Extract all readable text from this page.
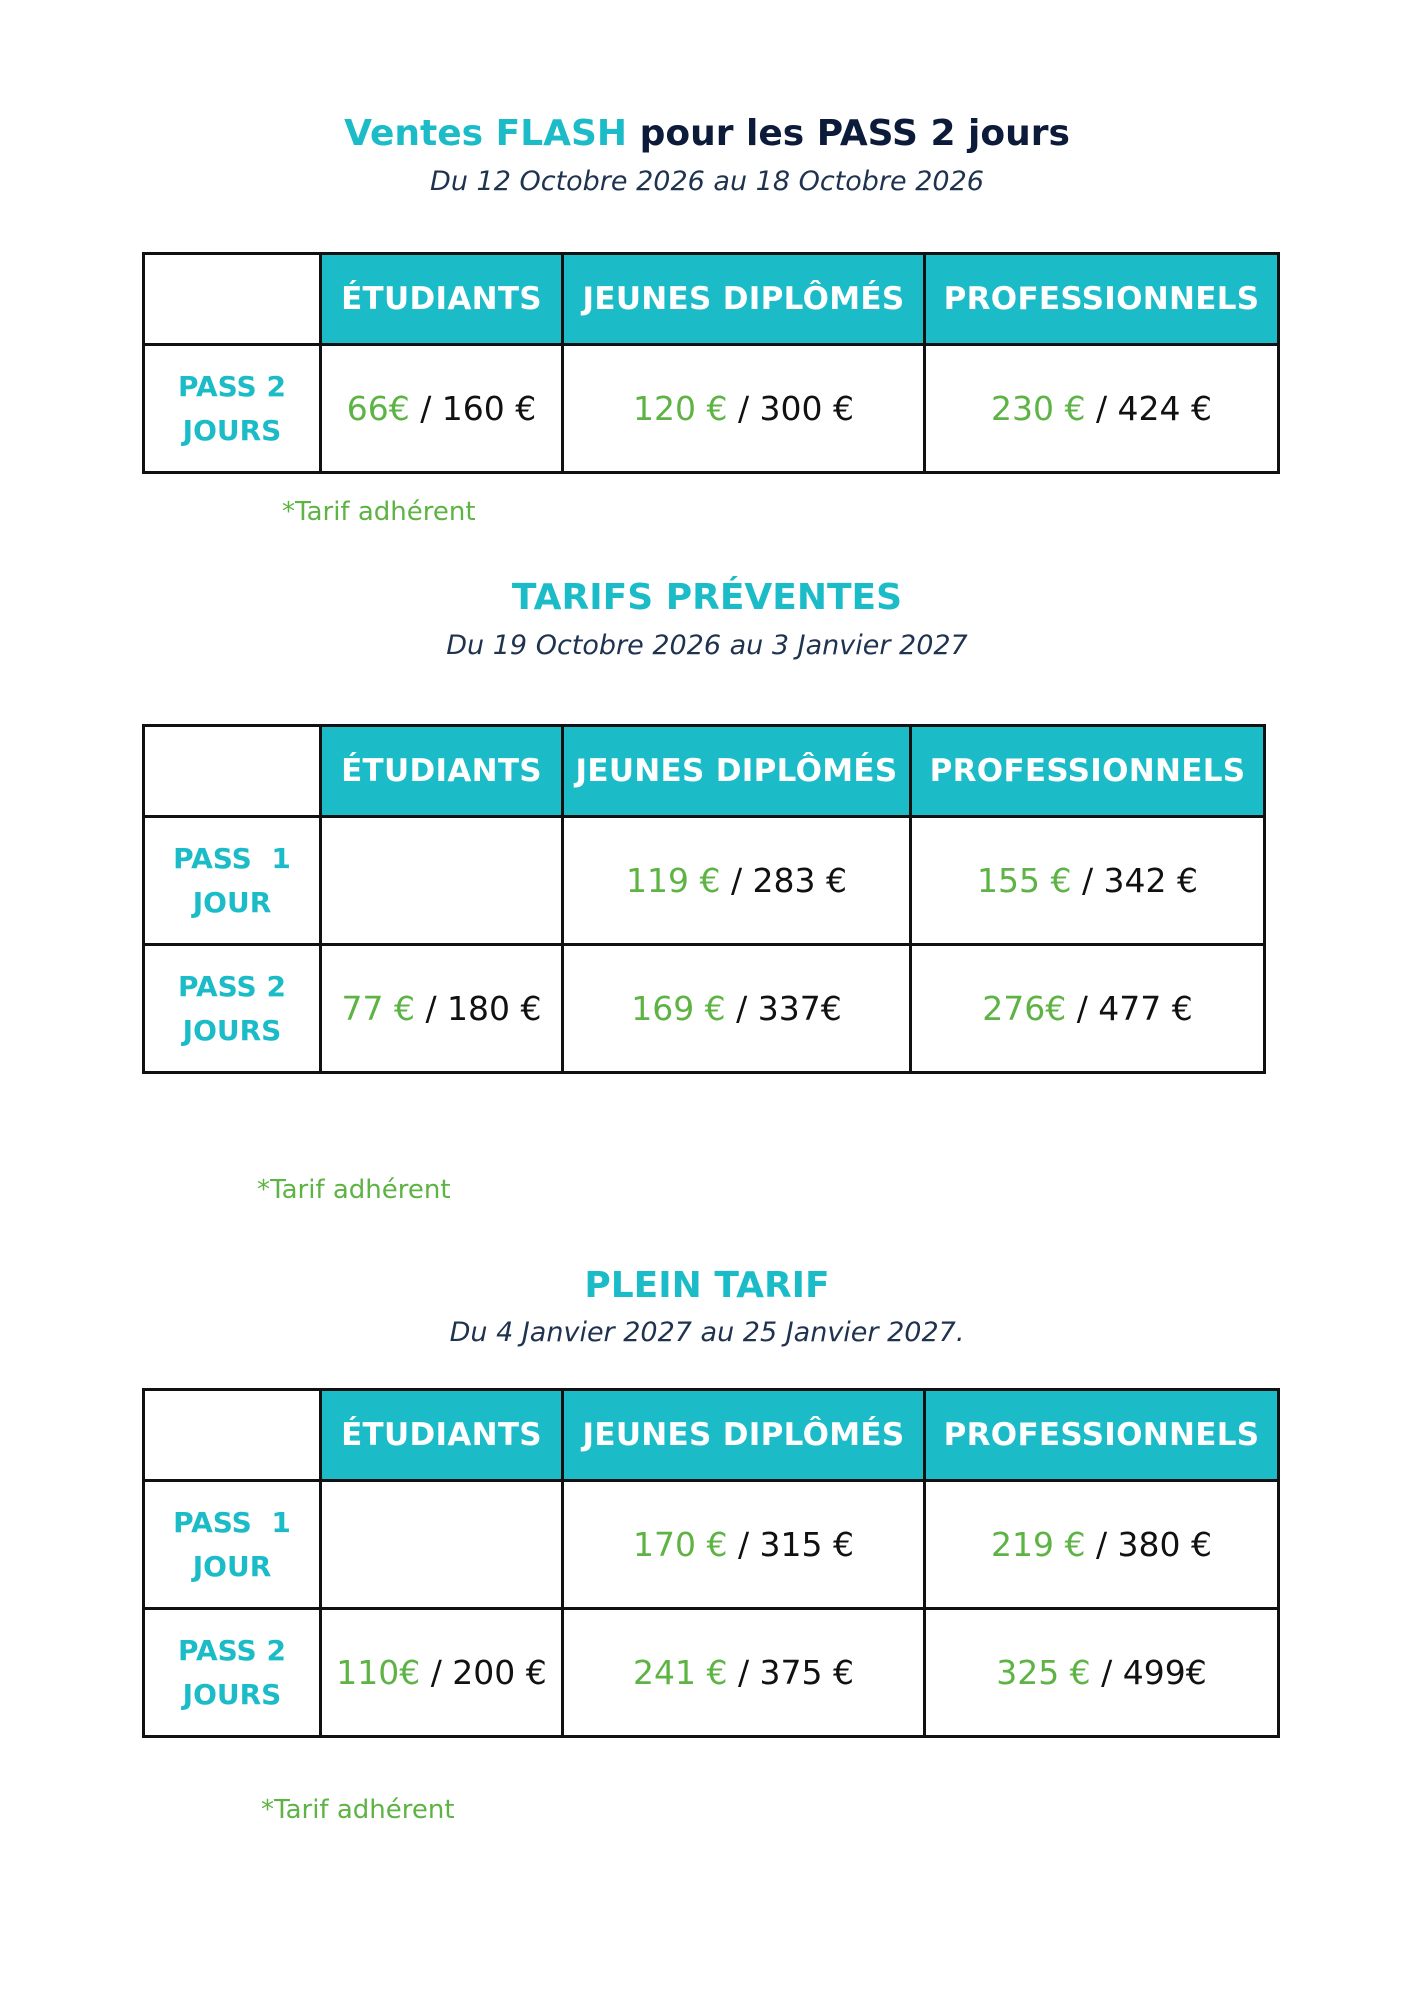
Ventes FLASH pour les PASS 2 jours
Du 12 Octobre 2026 au 18 Octobre 2026
	ÉTUDIANTS	JEUNES DIPLÔMÉS	PROFESSIONNELS

PASS 2
JOURS	66€ / 160 €	120 € / 300 €	230 € / 424 €
*Tarif adhérent
TARIFS PRÉVENTES
Du 19 Octobre 2026 au 3 Janvier 2027
	ÉTUDIANTS	JEUNES DIPLÔMÉS	PROFESSIONNELS

PASS  1
JOUR		119 € / 283 €	155 € / 342 €

PASS 2
JOURS	77 € / 180 €	169 € / 337€	276€ / 477 €
*Tarif adhérent
PLEIN TARIF
Du 4 Janvier 2027 au 25 Janvier 2027.
	ÉTUDIANTS	JEUNES DIPLÔMÉS	PROFESSIONNELS

PASS  1
JOUR		170 € / 315 €	219 € / 380 €

PASS 2
JOURS	110€ / 200 €	241 € / 375 €	325 € / 499€
*Tarif adhérent
